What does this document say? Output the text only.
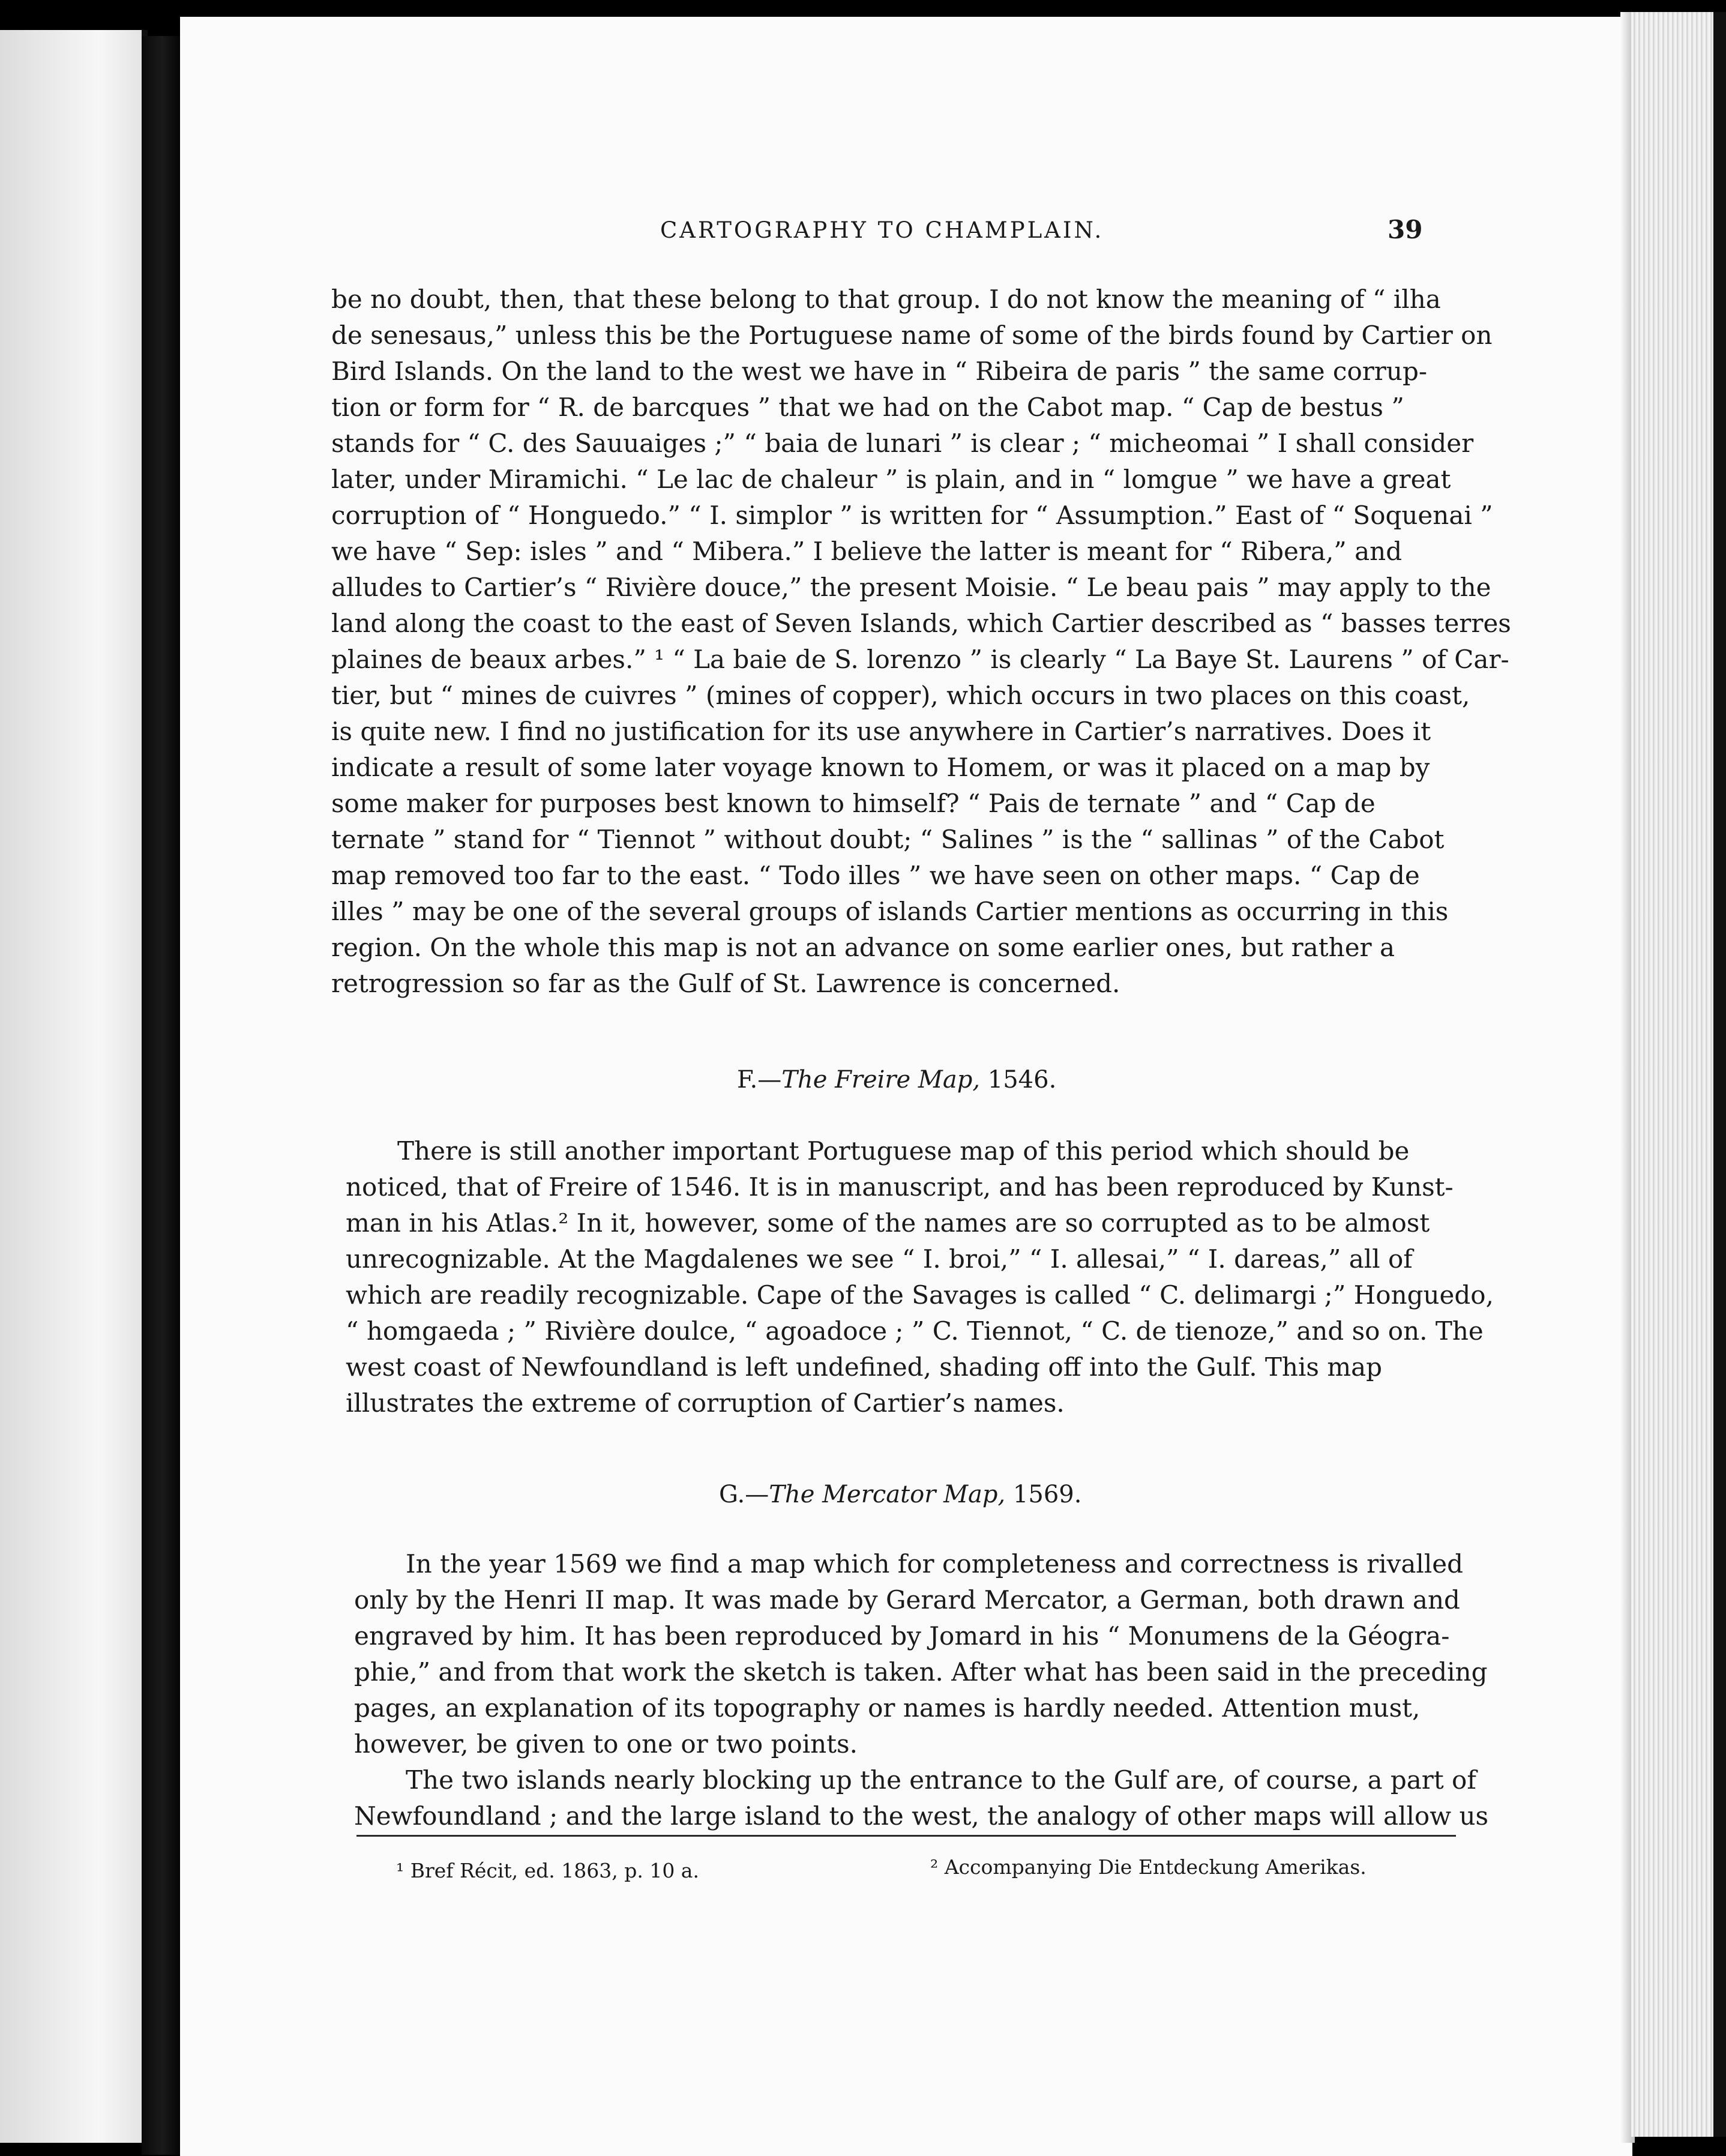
CARTOGRAPHY TO CHAMPLAIN.	39
be no doubt, then, that these belong to that group. I do not know the meaning of “ ilha
de senesaus,” unless this be the Portuguese name of some of the birds found by Cartier on
Bird Islands. On the land to the west we have in “ Ribeira de paris ” the same corrup-
tion or form for “ R. de barcques ” that we had on the Cabot map. “ Cap de bestus ”
stands for “ C. des Sauuaiges ;” “ baia de lunari ” is clear ; “ micheomai ” I shall consider
later, under Miramichi. “ Le lac de chaleur ” is plain, and in “ lomgue ” we have a great
corruption of “ Honguedo.” “ I. simplor ” is written for “ Assumption.” East of “ Soquenai ”
we have “ Sep: isles ” and “ Mibera.” I believe the latter is meant for “ Ribera,” and
alludes to Cartier’s “ Rivière douce,” the present Moisie. “ Le beau pais ” may apply to the
land along the coast to the east of Seven Islands, which Cartier described as “ basses terres
plaines de beaux arbes.” ¹ “ La baie de S. lorenzo ” is clearly “ La Baye St. Laurens ” of Car-
tier, but “ mines de cuivres ” (mines of copper), which occurs in two places on this coast,
is quite new. I find no justification for its use anywhere in Cartier’s narratives. Does it
indicate a result of some later voyage known to Homem, or was it placed on a map by
some maker for purposes best known to himself? “ Pais de ternate ” and “ Cap de
ternate ” stand for “ Tiennot ” without doubt; “ Salines ” is the “ sallinas ” of the Cabot
map removed too far to the east. “ Todo illes ” we have seen on other maps. “ Cap de
illes ” may be one of the several groups of islands Cartier mentions as occurring in this
region. On the whole this map is not an advance on some earlier ones, but rather a
retrogression so far as the Gulf of St. Lawrence is concerned.
F.—The Freire Map, 1546.
There is still another important Portuguese map of this period which should be
noticed, that of Freire of 1546. It is in manuscript, and has been reproduced by Kunst-
man in his Atlas.² In it, however, some of the names are so corrupted as to be almost
unrecognizable. At the Magdalenes we see “ I. broi,” “ I. allesai,” “ I. dareas,” all of
which are readily recognizable. Cape of the Savages is called “ C. delimargi ;” Honguedo,
“ homgaeda ; ” Rivière doulce, “ agoadoce ; ” C. Tiennot, “ C. de tienoze,” and so on. The
west coast of Newfoundland is left undefined, shading off into the Gulf. This map
illustrates the extreme of corruption of Cartier’s names.
G.—The Mercator Map, 1569.
In the year 1569 we find a map which for completeness and correctness is rivalled
only by the Henri II map. It was made by Gerard Mercator, a German, both drawn and
engraved by him. It has been reproduced by Jomard in his “ Monumens de la Géogra-
phie,” and from that work the sketch is taken. After what has been said in the preceding
pages, an explanation of its topography or names is hardly needed. Attention must,
however, be given to one or two points.
The two islands nearly blocking up the entrance to the Gulf are, of course, a part of
Newfoundland ; and the large island to the west, the analogy of other maps will allow us
¹ Bref Récit, ed. 1863, p. 10 a.	² Accompanying Die Entdeckung Amerikas.
